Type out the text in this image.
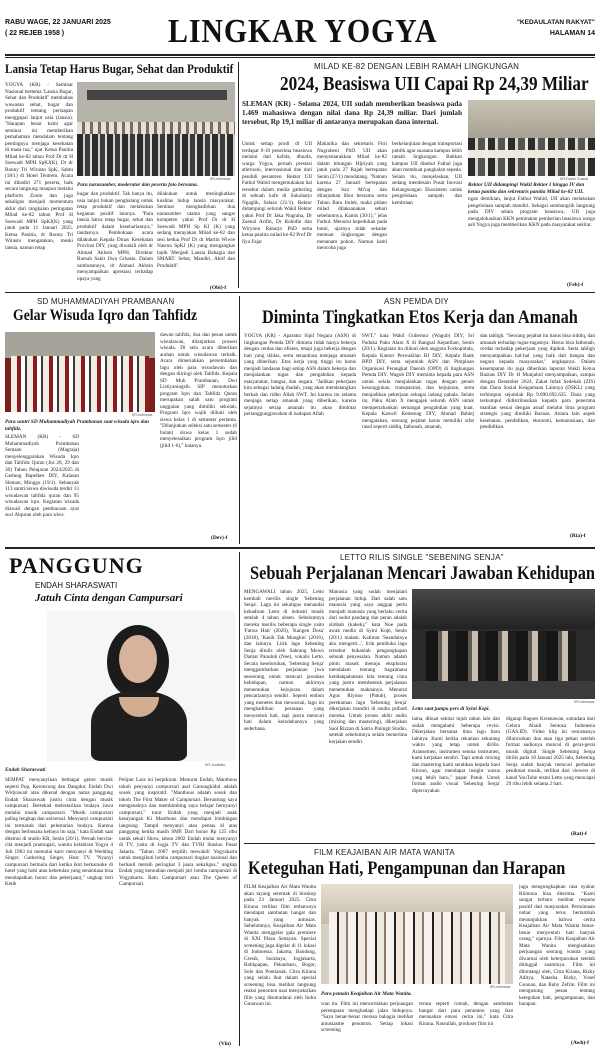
RABU WAGE, 22 JANUARI 2025
( 22 REJEB 1958 )	LINGKAR YOGYA	"KEDAULATAN RAKYAT"
HALAMAN 14
Lansia Tetap Harus Bugar, Sehat dan Produktif
YOGYA (KR) - Seminar Nasional bertema 'Lansia Bugar, Sehat dan Produktif' membahas wawasan sehat, bugar dan produktif tentang persiapan menggapai lanjut usia (lansia). "Harapan besar kami agar seminar ini memberikan pemahaman mendalam tentang pentingnya menjaga kesehatan di masa tua," ujar Ketua Panitia Milad ke-82 tahun Prof Dr dr H Soewadi MPH SpKJ(K), Dr dr Ronny Tri Wirasto SpK, Sabtu (18/1) di Hotel Tentrem. Acara ini dihadiri 271 peserta, baik secara langsung maupun melalui platform Zoom dan juga sekaligus menjadi momentum akhir dari rangkaian peringatan Milad ke-82 tahun Prof H Soewadi MPH SpKJ(K) yang jatuh pada 11 Januari 2025. Ketua Panitia, dr Ronny Tri Wirasto mengatakan, meski lansia, namun tetap
KR-Istimewa
Para narasumber, moderator dan peserta foto bersama.
bugar dan produktif. Tak hanya itu, usia lanjut bukan penghalang untuk tetap produktif dan melakukan kegiatan positif lainnya. "Para lansia harus tetap bugar, sehat dan produktif dalam kesehariannya," tandasnya. Pembukaan acara dilakukan Kepala Dinas Kesehatan Provinsi DIY, yang diwakili oleh dr Ahmad Akhsin MPH, Direktur Rumah Sakit Jiwa Grhasia. Dalam sambutannya, dr Ahmad Akhsin menyampaikan apresiasi terhadap upaya yang
dilakukan untuk meningkatkan kualitas hidup lansia masyarakat. Seminar menghadirkan dua narasumber utama yang sangat kompeten yakni Prof Dr dr H Soewadi MPH Sp KJ (K) yang sedang merayakan Milad ke-82 dan sesi kedua Prof Dr dr Martin Wiwie Nasrun SpKJ (K) yang mengangkat topik 'Menjadi Lansia Bahagia dan SMART: Sehat, Mandiri, Aktif dan Produktif'.
(Obi)-f
MILAD KE-82 DENGAN LEBIH RAMAH LINGKUNGAN
2024, Beasiswa UII Capai Rp 24,39 Miliar
SLEMAN (KR) - Selama 2024, UII sudah memberikan beasiswa pada 1.469 mahasiswa dengan nilai dana Rp 24,39 miliar. Dari jumlah tersebut, Rp 19,1 miliar di antaranya merupakan dana internal.
KR-Fachri Susilat
Rektor UII didampingi Wakil Rektor I hingga IV dan ketua panitia dan sekretaris panitia Milad ke-82 UII.
Untuk setiap prodi di UII terdapat 9-10 penerima beasiswa melalui dari hafidz, dhuafa, warga Yogya, pernah prestasi atlet/seni, internasional dan dari pendidi pesantren. Rektor UII Fathul Wahid mengemukakan hal tersebut dalam media gathering di sebuah kafe di Sukoharjo Ngaglik, Selasa (21/1). Rektor didampingi seluruh Wakil Rektor yakni Prof Dr Jaka Nugraha, Dr Zaenal Arifin, Dr Rohidin dan Wiryono Raharjo PhD serta ketua panitia milad ke-82 Prof Dr Ilya Fajar
Maharika dan sekretaris Fitri Nugraheni PhD. UII akan menyemarakkan Milad ke-82 dalam hitungan Hijriyah yang jatuh pada 27 Rajab bertepatan Senin (27/1) mendatang. "Namun karena 27 Januari bertepatan dengan Isra Mi'raj dan dilanjutkan libur bersama serta Tahun Baru Imlek, maka pidato milad dilaksanakan sehari sebelumnya, Kamis (30/1)," jelas Fathul. Menurut kepedulian pada bumi, ujarnya tidak sekadar memuat lingkungan dengan menanam pohon. Namun kami mencoba juga
berkelanjutan dengan transportasi publik agar suasana kampus lebih ramah lingkungan. Bahkan kampus UII disebut Fathul juga akan membuat pangkalan sepeda. Selain itu, menjelaskan, UII sedang mendesain Pusat Inovasi Kelangsungan Ekosistem untuk pengelolaan sampah dan kemitraan
ngan demikian, lanjut Fathul Wahid, UII akan melakukan pengelolaan sampah mandiri. Sebagai sumbangsih langsung pada DIY selain program beasiswa, UII juga mengalokasikan KKN peminatan pemberian beasiswa warga asli Yogya juga memberikan KKN pada masyarakat sekitar.
(Feb)-f
SD MUHAMMADIYAH PRAMBANAN
Gelar Wisuda Iqro dan Tahfidz
KR-Istimewa
Para santri SD Muhammadiyah Prambanan saat wisuda iqro dan tahfidz.
SLEMAN (KR) - SD Muhammadiyah Prambanan Semaan (Magraja) menyelenggarakan Wisuda Iqro dan Tahfidz Quran (Jus 28, 29 dan 30) Tahun Pelajaran 2024/2025 di Gedung Bapelkes DIY, Kalasan Sleman, Minggu (19/1). Sebanyak 113 santri/siswa diwisuda terdiri 13 wisudawan tahfidz quran dan 95 wisudawan iqro. Kegiatan wisuda diawali dengan pembacaan ayat suci Alquran oleh para wisu-
dawan tahfidz, doa dan pesan untuk wisudawan, dilanjutkan prosesi wisuda. Di sela acara diberikan arahan untuk wisudawan terbaik. Acara dimeriahkan persembahan lagu oleh para wisudawan dan dengan diiringi oleh Tahfidz. Kepala SD Muh Prambanan, Dwi Listiyaningsih SIP menuturkan program Iqro dan Tahfidz Quran merupakan salah satu program unggulan yang dimiliki sekolah. Program Iqro wajib diikuti oleh siswa kelas 1 di semester pertama. "Dilanjutkan seleksi satu semester (6 bulan) siswa kelas 1 sudah menyelesaikan program Iqro jilid (jilid 1-6)," katanya.
(Dev)-f
ASN PEMDA DIY
Diminta Tingkatkan Etos Kerja dan Amanah
YOGYA (KR) - Aparatur Sipil Negara (ASN) di lingkungan Pemda DIY diminta tidak hanya bekerja dengan cerdas dan efisien, tetapi juga bekerja dengan hati yang ikhlas, serta senantiasa menjaga amanah yang diberikan. Etos kerja yang tinggi itu harus menjadi landasan bagi setiap ASN dalam bekerja dan menjalankan tugas dan pengabdian kepada masyarakat, bangsa, dan negara. "Jadikan pekerjaan kita sebagai ladang ibadah, yang akan mendatangkan berkah dan ridho Allah SWT. Ini karena itu selama menjaga setiap amanah yang diberikan, karena sejatinya setiap amanah itu akan dimintai pertanggungjawaban di hadapan Allah
SWT," kata Wakil Gubernur (Wagub) DIY, Sri Paduka Paku Alam X di Bangsal Kepatihan, Senin (20/1). Kegiatan itu diikuti oleh anggota Forkopimda, Kepala Kantor Perwakilan BI DIY, Kepala Bank BPD DIY, serta sejumlah ASN dan Pimpinan Organisasi Perangkat Daerah (OPD) di lingkungan Pemda DIY. Wagub DIY meminta kepada para ASN untuk selalu menjalankan tugas dengan penuh kesungguhan, transparansi, dan kejujuran, serta menjadikan pekerjaan sebagai ladang pahala. Selain itu, Paku Alam X mengajak seluruh ASN untuk mempertahankan semangat pengabdian yang kuat. Kepala Kanwil Kemenag DIY, Ahmad Bahiej mengatakan, seorang pejabat harus memiliki sifat rasul seperti siddiq, fathonah, amanah,
dan tabligh. "Seorang pejabat itu harus bisa siddiq, dan amanah terhadap tugas-tugasnya. Harus bisa fathonah, cerdas terhadap pekerjaan yang dipikul. Serta tabligh menyampaikan hal-hal yang baik dari bangsa dan negara kepada masyarakat," ungkapnya. Dalam kesempatan itu juga diberikan laporan Wakil Ketua Baznas DIY Dr H Munjahid menyampaikan, sampai dengan Desember 2024, Zakat Infak Sedekah (ZIS) dan Dana Sosial Keagamaan Lainnya (DSKL) yang terhimpun sejumlah Rp 9.890.692.635. Dana yang terkumpul didistribusikan kepada para penerima manfaat sesuai dengan asnaf melalui lima program strategis yang dimiliki Baznas. Antara lain aspek kesehatan, pendidikan, ekonomi, kemanusiaan, dan pendidikan.
(Ria)-f
PANGGUNG
ENDAH SHARASWATI
Jatuh Cinta dengan Campursari
KR-Juwitatto
Endah Sharaswati
SEMPAT menyanyikan berbagai genre musik seperti Pop, Keroncong dan Dangdut, Endah Dwi Widyawati atau dikenal dengan nama panggung Endah Sharaswati justru cinta dengan musik campursari. Bertekad melestarikan budaya Jawa melalui musik campursari. "Musik campursari paling lengkap dan universal. Menyanyi campursari ini termasuk dari pelestarian budaya. Karena dengan berbusana kebaya itu saja," kata Endah saat ditemui di studio KR, Senin (20/1). Pernah bercita-cita menjadi pramugari, wanita kelahiran Yogya 4 Juli 1983 ini memulai karir menyanyi di Wedding Singer, Gathering Singer, Host TV. "Nyanyi campursari bermula dari ketika ikut berkaraoke di hotel yang hobi atau kebetulan yang senantiasa bisa mendapatkan honor dan pekerjaan)," ungkap istri Ketik
Pelipur Lara ini berpikiran. Menurut Endah, Manthous tokoh penyanyi campursari asal Gunungkidul adalah sosok yang inspiratif. "Manthous adalah sosok dan tokoh The First Maker of Campursari. Beruntung saya mengenalnya dan membimbing saya belajar bernyanyi campursari," tutur Endah yang menjadi anak kesayangan Ki Manthous dan mendapat bimbingan langsung. Tampil menyanyi atau pentas di atas panggung ketika masih SMP. Dari honor Rp 125 ribu untuk sekali Show, tahun 2002 Endah mulai menyanyi di TV, yaitu di Jogja TV dan TVRI Stasiun Pusat Jakarta. "Tahun 2007 terpilih mewakili Yogyakarta untuk mengikuti lomba campursari tingkat nasional dan berhasil meraih peringkat 3 juara sekaligus," ungkap Endah yang kemudian menjadi juri lomba campursari di Yogyakarta. Ratu Campursari atau The Queen of Campursari.
(Vin)
LETTO RILIS SINGLE "SEBENING SENJA"
Sebuah Perjalanan Mencari Jawaban Kehidupan
MENGAWALI tahun 2025, Letto kembali merilis single 'Sebening Senja'. Lagu ini sekaligus menandai kehadiran Letto di industri musik setelah 4 tahun absen. Sebelumnya mereka merilis beberapa single yaitu 'Fatwa Hati' (2020), 'Kangen Dosa' (2018), 'Kasih Tak Mungkin' (2016), dan lainnya. Lirik lagu Sebening Senja ditulis oleh Sabrang Mowo Damar Panuluh (Noe), vokalis Letto. Secara keseluruhan, 'Sebening Senja' menggambarkan perjalanan jiwa seseorang untuk mencari jawaban kehidupan, namun akhirnya menemukan kejujuran dalam pencariannya sendiri. Seperti embun yang menetes dan mewarnai, lagu ini menghadirkan perasaan yang menyentuh hati, tapi justru mencuri hati dalam keindahannya yang sederhana.
Manusia yang sudah menjalani perjalanan hidup. Dari salah satu manusia yang saya anggap perlu menjadi manusia yang berlaku cerita dari sudut pandang dan peran adalah simbah (kakek)," kata Noe pada awak media di Syini Kopi, Senin (20/1) malam. Kalimat 'Seandainya aku mengerti...', lirik pembuka lagu tersebut bukanlah pengungkapan sebuah penyesalan. Namun adalah pintu masuk menuju eksplorasi mendalam tentang bagaimana ketidakpahaman kita tentang cinta yang justru membentuk perjalanan menemukan maknanya. Menurut Agus Riyono (Patub), proses perekaman lagu 'Sebening Senja' dikerjakan mandiri di studio pribadi mereka. Untuk proses akhir audio (mixing dan mastering), dikerjakan Saoi Rizzan di Satrio Piningit Studio, setelah sebelumnya selalu menerima kerjakan sendiri.
KR-Istimewa
Letto saat jumpa pers di Syini Kopi.
lama, dibuat sekitar tujuh tahun lalu dan sudah mengalami beberapa revisi. Dikerjakan bersama lima lagu baru lainnya. Kami ketika rekaman sekarang waktu yang tetap untuk dirilis. Aransemen, instrumen semua instrumen, kami kerjakan sendiri. Tapi untuk mixing dan mastering kami serahkan kepada Saoi Kirono, agar mendapat insight warna yang lebih baru," papar Patub. Untuk format audio visual 'Sebening Senja' dipercayakan
digarap Bagoes Kresnawan, sutradara dari Gelora Abadi Sentosa Indonesia (GAS.ID). Video klip ini rencananya diluncurkan dua atau tiga pekan setelah format audionya muncul di gerai-gerai musik digital. Single Sebening Senja dirilis pada 18 Januari 2025 lalu, Sebening Senja sudah banyak mencuri perhatian penikmat musik, terlihat dari viewers di kanal YouTube resmi Letto yang mencapai 29 ribu lebih selama 2 hari.
(Rat)-f
FILM KEAJAIBAN AIR MATA WANITA
Keteguhan Hati, Pengampunan dan Harapan
FILM Keajaiban Air Mata Wanita akan tayang serentak di bioskop pada 23 Januari 2025. Citra Kirana terlibat film terbarunya mendapat sambutan hangat dan banyak yang antusias. Sebelumnya, Keajaiban Air Mata Wanita menggelar gala premiere di XXI Plaza Senayan. Special screening juga digelar di 11 lokasi di Indonesia. Jakarta, Bandung, Gresik, Surabaya, Jogjakarta, Balikpapan, Pekanbaru, Bogor, Solo dan Pontianak. Citra Kirana yang selalu ikut dalam special screening bisa melihat langsung reaksi penonton usai menyaksikan film yang disutradarai oleh Indra Gunawan ini.
KR-Istimewa
Para pemain Keajaiban Air Mata Wanita.
wan itu. Film ini menceritakan perjuangan perempuan menghadapi jalan hidupnya. "Saya benar-benar merasa bahagia melihat antusiasme penonton. Setiap lokasi screening
terasa seperti rumah, dengan sambutan hangat dari para penonton yang ikut merasakan emosi cerita ini," kata Citra Kirana. Nasrullah, produser film ini
juga mengungkapkan rasa syukur Riimona bisa diterima. "Kami sangat terharu melihat respons positif dari masyarakat. Permintaan nobar yang terus bertambah menunjukkan bahwa cerita Keajaiban Air Mata Wanita benar-benar menyentuh hati banyak orang," ujarnya. Film Keajaiban Air Mata Wanita mengisahkan perjuangan seorang wanita yang diwarnai oleh keterpurukan setelah ditinggal suaminya. Film ini dibintangi oleh, Citra Kirana, Rizky Aditya, Natasha Rizky, Yosef Gunnan, dan Ruby Zefrin. Film ini mengusung pesan tentang keteguhan hati, pengampunan, dan harapan.
(Awh)-f
